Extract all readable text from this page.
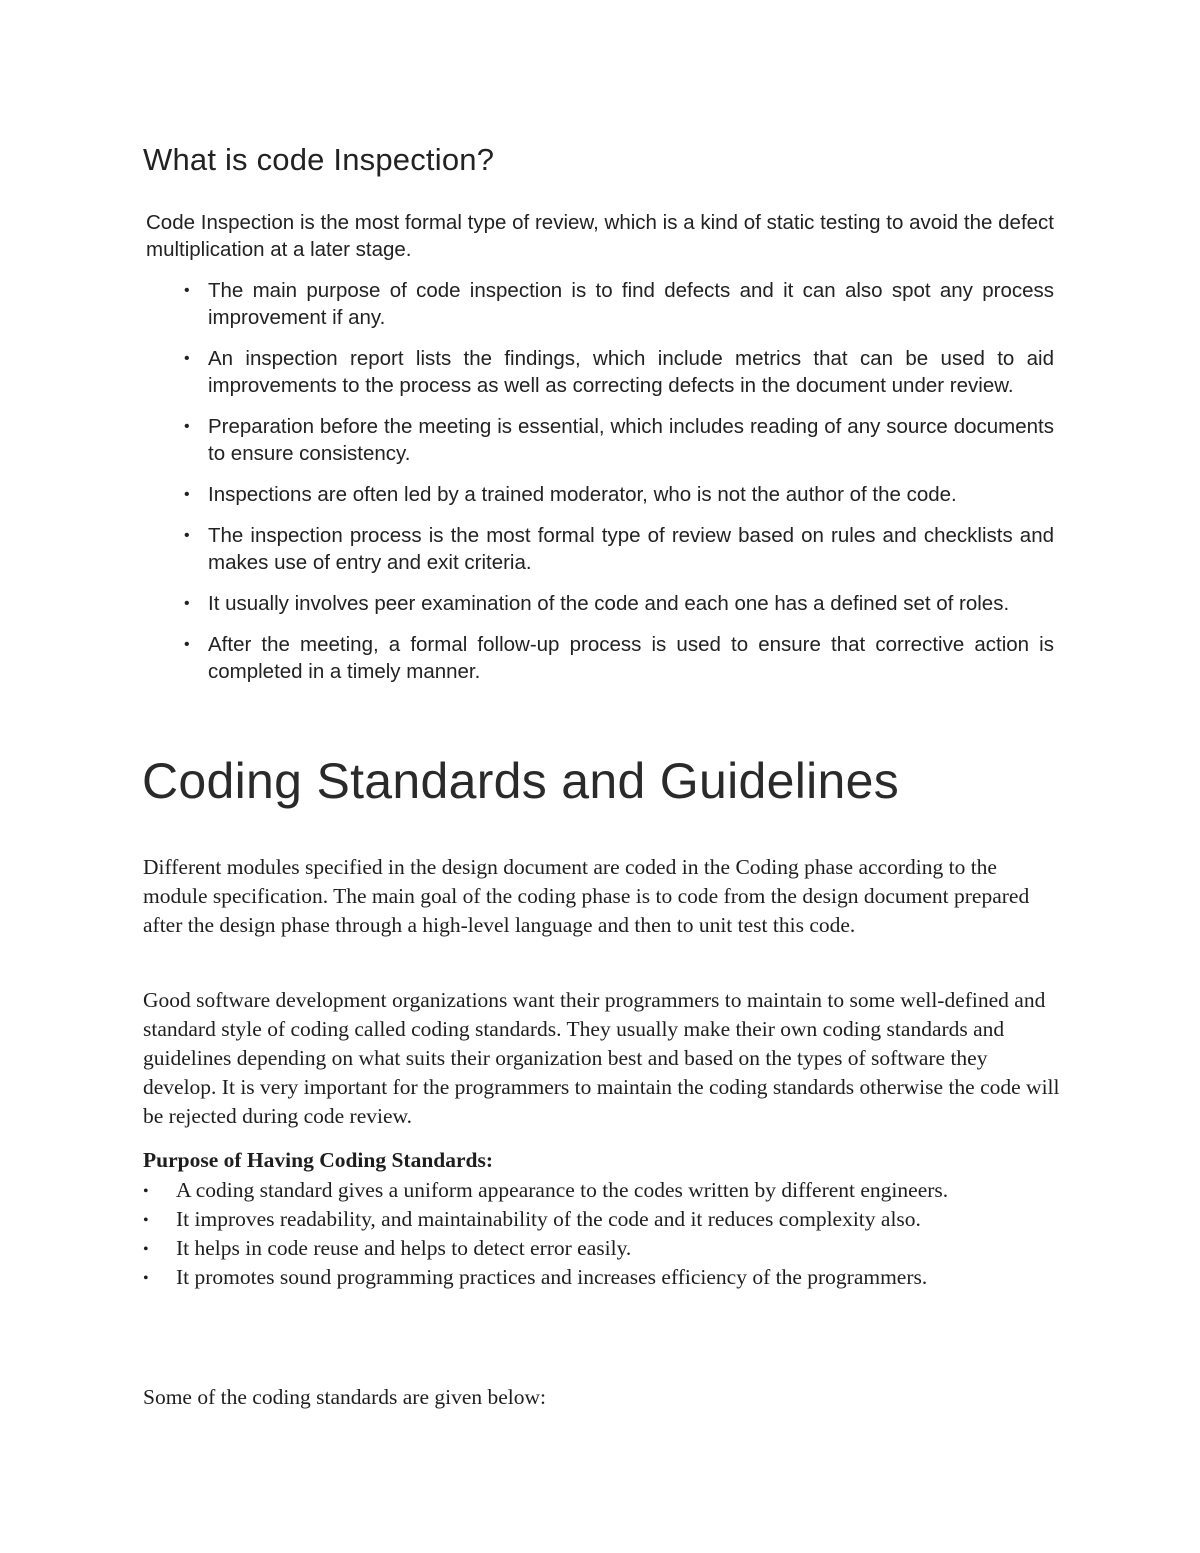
What is code Inspection?

Code Inspection is the most formal type of review, which is a kind of static testing to avoid the defect multiplication at a later stage.

• The main purpose of code inspection is to find defects and it can also spot any process improvement if any.
• An inspection report lists the findings, which include metrics that can be used to aid improvements to the process as well as correcting defects in the document under review.
• Preparation before the meeting is essential, which includes reading of any source documents to ensure consistency.
• Inspections are often led by a trained moderator, who is not the author of the code.
• The inspection process is the most formal type of review based on rules and checklists and makes use of entry and exit criteria.
• It usually involves peer examination of the code and each one has a defined set of roles.
• After the meeting, a formal follow-up process is used to ensure that corrective action is completed in a timely manner.
Coding Standards and Guidelines

Different modules specified in the design document are coded in the Coding phase according to the module specification. The main goal of the coding phase is to code from the design document prepared after the design phase through a high-level language and then to unit test this code.

Good software development organizations want their programmers to maintain to some well-defined and standard style of coding called coding standards. They usually make their own coding standards and guidelines depending on what suits their organization best and based on the types of software they develop. It is very important for the programmers to maintain the coding standards otherwise the code will be rejected during code review.

Purpose of Having Coding Standards:

• A coding standard gives a uniform appearance to the codes written by different engineers.
• It improves readability, and maintainability of the code and it reduces complexity also.
• It helps in code reuse and helps to detect error easily.
• It promotes sound programming practices and increases efficiency of the programmers.

Some of the coding standards are given below:
